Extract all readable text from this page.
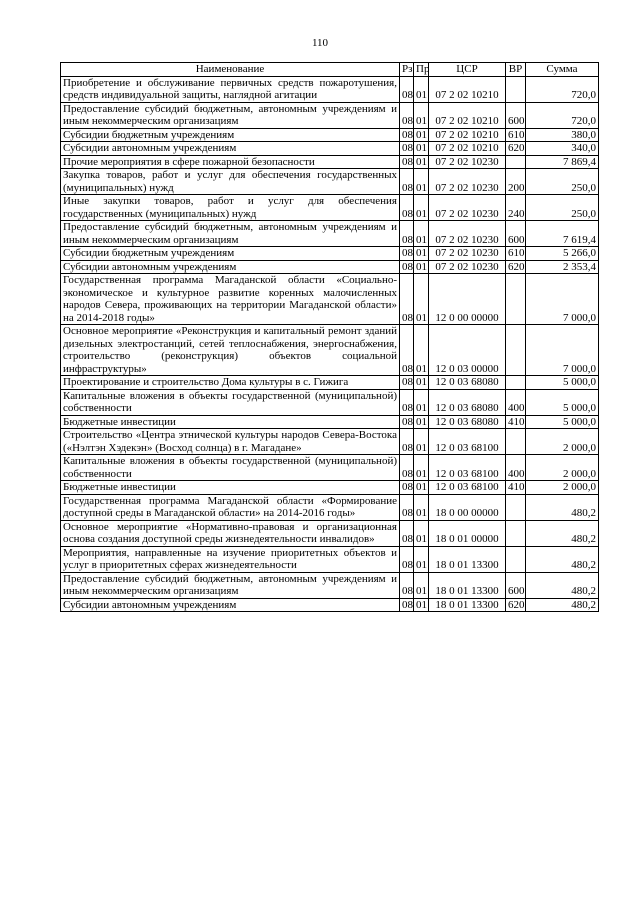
110
Наименование	Рз	Пр	ЦСР	ВР	Сумма
Приобретение и обслуживание первичных средств пожаротушения, средств индивидуальной защиты, наглядной агитации	08	01	07 2 02 10210		720,0
Предоставление субсидий бюджетным, автономным учреждениям и иным некоммерческим организациям	08	01	07 2 02 10210	600	720,0
Субсидии бюджетным учреждениям	08	01	07 2 02 10210	610	380,0
Субсидии автономным учреждениям	08	01	07 2 02 10210	620	340,0
Прочие мероприятия в сфере пожарной безопасности	08	01	07 2 02 10230		7 869,4
Закупка товаров, работ и услуг для обеспечения государственных (муниципальных) нужд	08	01	07 2 02 10230	200	250,0
Иные закупки товаров, работ и услуг для обеспечения государственных (муниципальных) нужд	08	01	07 2 02 10230	240	250,0
Предоставление субсидий бюджетным, автономным учреждениям и иным некоммерческим организациям	08	01	07 2 02 10230	600	7 619,4
Субсидии бюджетным учреждениям	08	01	07 2 02 10230	610	5 266,0
Субсидии автономным учреждениям	08	01	07 2 02 10230	620	2 353,4
Государственная программа Магаданской области «Социально-экономическое и культурное развитие коренных малочисленных народов Севера, проживающих на территории Магаданской области» на 2014-2018 годы»	08	01	12 0 00 00000		7 000,0
Основное мероприятие «Реконструкция и капитальный ремонт зданий дизельных электростанций, сетей теплоснабжения, энергоснабжения, строительство (реконструкция) объектов социальной инфраструктуры»	08	01	12 0 03 00000		7 000,0
Проектирование и строительство Дома культуры в с. Гижига	08	01	12 0 03 68080		5 000,0
Капитальные вложения в объекты государственной (муниципальной) собственности	08	01	12 0 03 68080	400	5 000,0
Бюджетные инвестиции	08	01	12 0 03 68080	410	5 000,0
Строительство «Центра этнической культуры народов Севера-Востока («Нэлтэн Хэдекэн» (Восход солнца) в г. Магадане»	08	01	12 0 03 68100		2 000,0
Капитальные вложения в объекты государственной (муниципальной) собственности	08	01	12 0 03 68100	400	2 000,0
Бюджетные инвестиции	08	01	12 0 03 68100	410	2 000,0
Государственная программа Магаданской области «Формирование доступной среды в Магаданской области» на 2014-2016 годы»	08	01	18 0 00 00000		480,2
Основное мероприятие «Нормативно-правовая и организационная основа создания доступной среды жизнедеятельности инвалидов»	08	01	18 0 01 00000		480,2
Мероприятия, направленные на изучение приоритетных объектов и услуг в приоритетных сферах жизнедеятельности	08	01	18 0 01 13300		480,2
Предоставление субсидий бюджетным, автономным учреждениям и иным некоммерческим организациям	08	01	18 0 01 13300	600	480,2
Субсидии автономным учреждениям	08	01	18 0 01 13300	620	480,2
